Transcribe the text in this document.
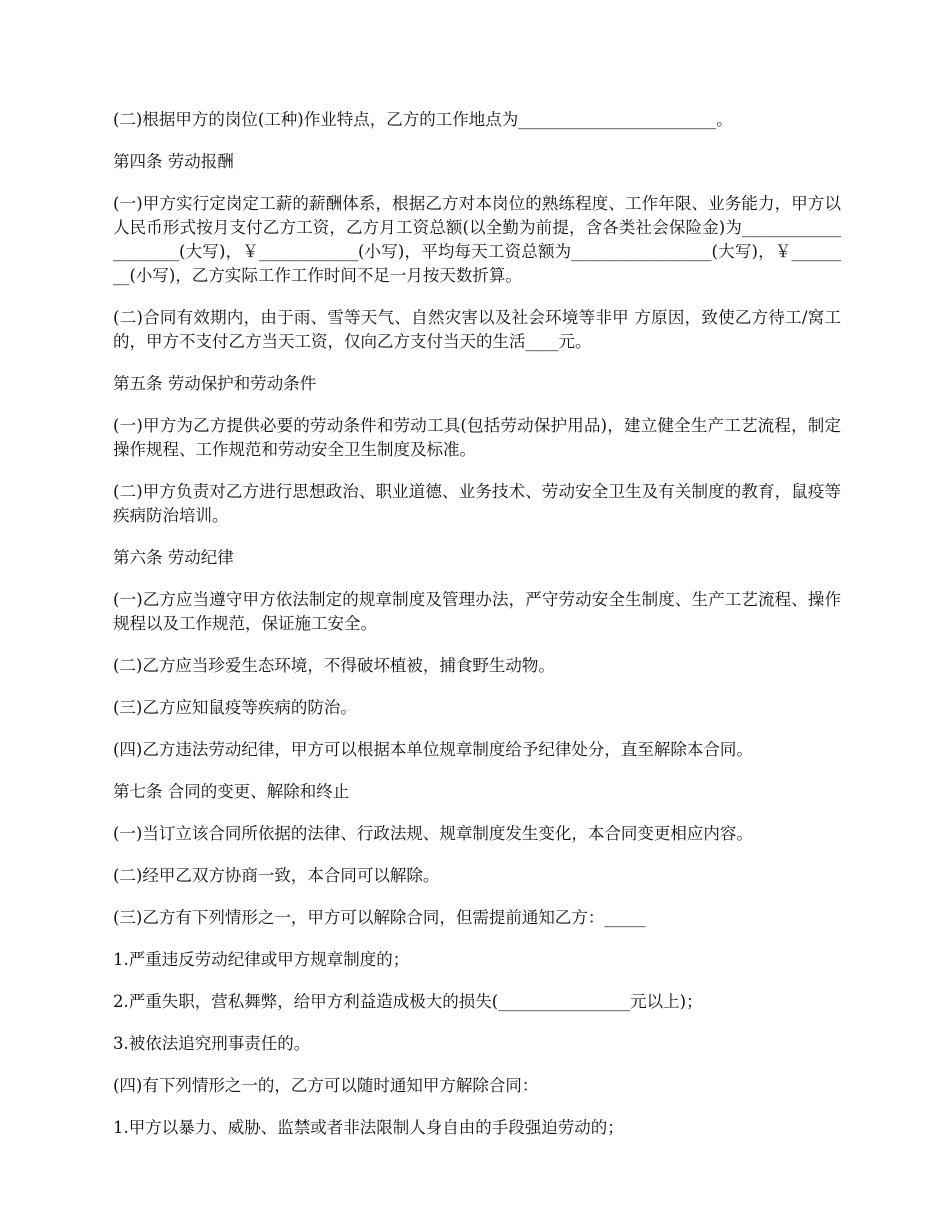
(二)根据甲方的岗位(工种)作业特点，乙方的工作地点为________________________。

第四条 劳动报酬

(一)甲方实行定岗定工薪的薪酬体系，根据乙方对本岗位的熟练程度、工作年限、业务能力，甲方以人民币形式按月支付乙方工资，乙方月工资总额(以全勤为前提，含各类社会保险金)为____________________(大写)，￥____________(小写)，平均每天工资总额为_________________(大写)，￥________(小写)，乙方实际工作工作时间不足一月按天数折算。

(二)合同有效期内，由于雨、雪等天气、自然灾害以及社会环境等非甲 方原因，致使乙方待工/窝工的，甲方不支付乙方当天工资，仅向乙方支付当天的生活____元。

第五条 劳动保护和劳动条件

(一)甲方为乙方提供必要的劳动条件和劳动工具(包括劳动保护用品)，建立健全生产工艺流程，制定操作规程、工作规范和劳动安全卫生制度及标准。

(二)甲方负责对乙方进行思想政治、职业道德、业务技术、劳动安全卫生及有关制度的教育，鼠疫等疾病防治培训。

第六条 劳动纪律

(一)乙方应当遵守甲方依法制定的规章制度及管理办法，严守劳动安全生制度、生产工艺流程、操作规程以及工作规范，保证施工安全。

(二)乙方应当珍爱生态环境，不得破坏植被，捕食野生动物。

(三)乙方应知鼠疫等疾病的防治。

(四)乙方违法劳动纪律，甲方可以根据本单位规章制度给予纪律处分，直至解除本合同。

第七条 合同的变更、解除和终止

(一)当订立该合同所依据的法律、行政法规、规章制度发生变化，本合同变更相应内容。

(二)经甲乙双方协商一致，本合同可以解除。

(三)乙方有下列情形之一，甲方可以解除合同，但需提前通知乙方：_____

1.严重违反劳动纪律或甲方规章制度的；

2.严重失职，营私舞弊，给甲方利益造成极大的损失(________________元以上)；

3.被依法追究刑事责任的。

(四)有下列情形之一的，乙方可以随时通知甲方解除合同：

1.甲方以暴力、威胁、监禁或者非法限制人身自由的手段强迫劳动的；
